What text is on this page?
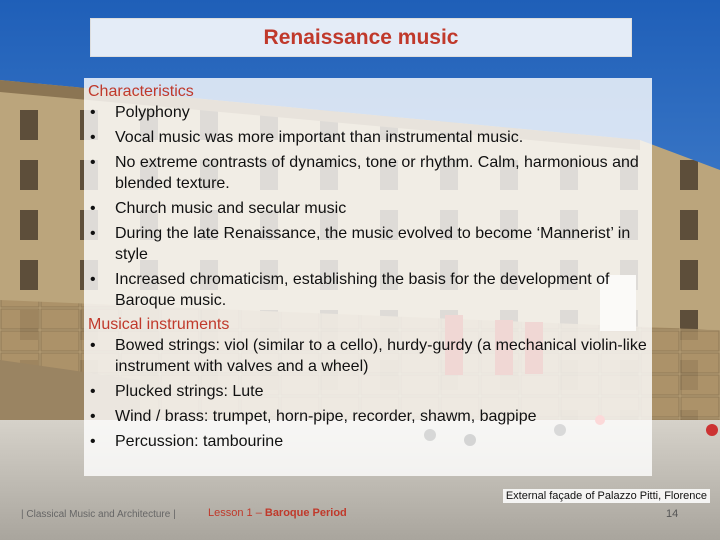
Renaissance music

Characteristics

• Polyphony
• Vocal music was more important than instrumental music.
• No extreme contrasts of dynamics, tone or rhythm. Calm, harmonious and blended texture.
• Church music and secular music
• During the late Renaissance, the music evolved to become ‘Mannerist’ in style
• Increased chromaticism, establishing the basis for the development of Baroque music.

Musical instruments

• Bowed strings: viol (similar to a cello), hurdy-gurdy (a mechanical violin-like instrument with valves and a wheel)
• Plucked strings: Lute
• Wind / brass: trumpet, horn-pipe, recorder, shawm, bagpipe
• Percussion: tambourine
External façade of Palazzo Pitti, Florence
| Classical Music and Architecture |	Lesson 1 – Baroque Period	14
